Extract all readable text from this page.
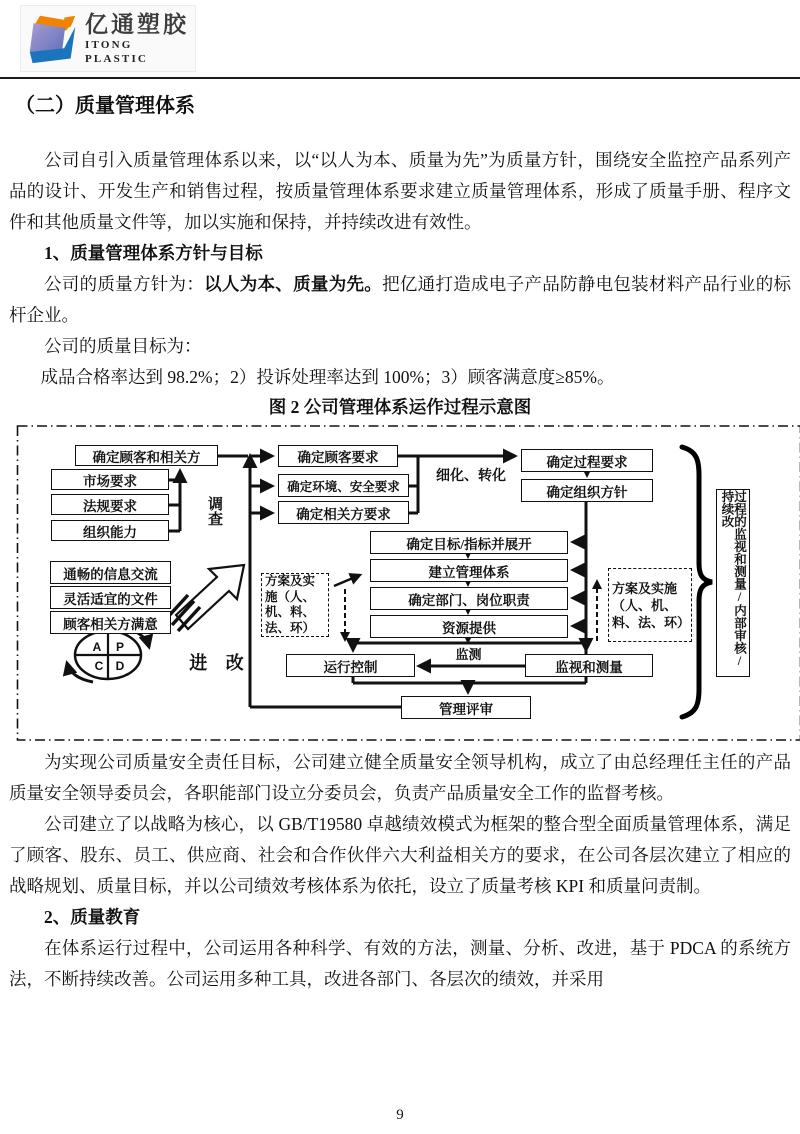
亿通塑胶
ITONG PLASTIC
（二）质量管理体系

公司自引入质量管理体系以来，以“以人为本、质量为先”为质量方针，围绕安全监控产品系列产品的设计、开发生产和销售过程，按质量管理体系要求建立质量管理体系，形成了质量手册、程序文件和其他质量文件等，加以实施和保持，并持续改进有效性。

1、质量管理体系方针与目标

公司的质量方针为：以人为本、质量为先。把亿通打造成电子产品防静电包装材料产品行业的标杆企业。

公司的质量目标为：

成品合格率达到 98.2%；2）投诉处理率达到 100%；3）顾客满意度≥85%。
图 2 公司管理体系运作过程示意图
确定顾客和相关方
市场要求
法规要求
组织能力
通畅的信息交流
灵活适宜的文件
顾客相关方满意
确定顾客要求
确定环境、安全要求
确定相关方要求
确定过程要求
确定组织方针
确定目标/指标并展开
建立管理体系
确定部门、岗位职责
资源提供
运行控制	监视和测量
管理评审
方案及实施（人、机、料、法、环）
方案及实施（人、机、料、法、环）
调查
细化、转化
监测
进 改	过程的监视和测量/内部审核/持续改
A P
C D

为实现公司质量安全责任目标，公司建立健全质量安全领导机构，成立了由总经理任主任的产品质量安全领导委员会，各职能部门设立分委员会，负责产品质量安全工作的监督考核。

公司建立了以战略为核心，以 GB/T19580 卓越绩效模式为框架的整合型全面质量管理体系，满足了顾客、股东、员工、供应商、社会和合作伙伴六大利益相关方的要求，在公司各层次建立了相应的战略规划、质量目标，并以公司绩效考核体系为依托，设立了质量考核 KPI 和质量问责制。

2、质量教育

在体系运行过程中，公司运用各种科学、有效的方法，测量、分析、改进，基于 PDCA 的系统方法，不断持续改善。公司运用多种工具，改进各部门、各层次的绩效，并采用

9
